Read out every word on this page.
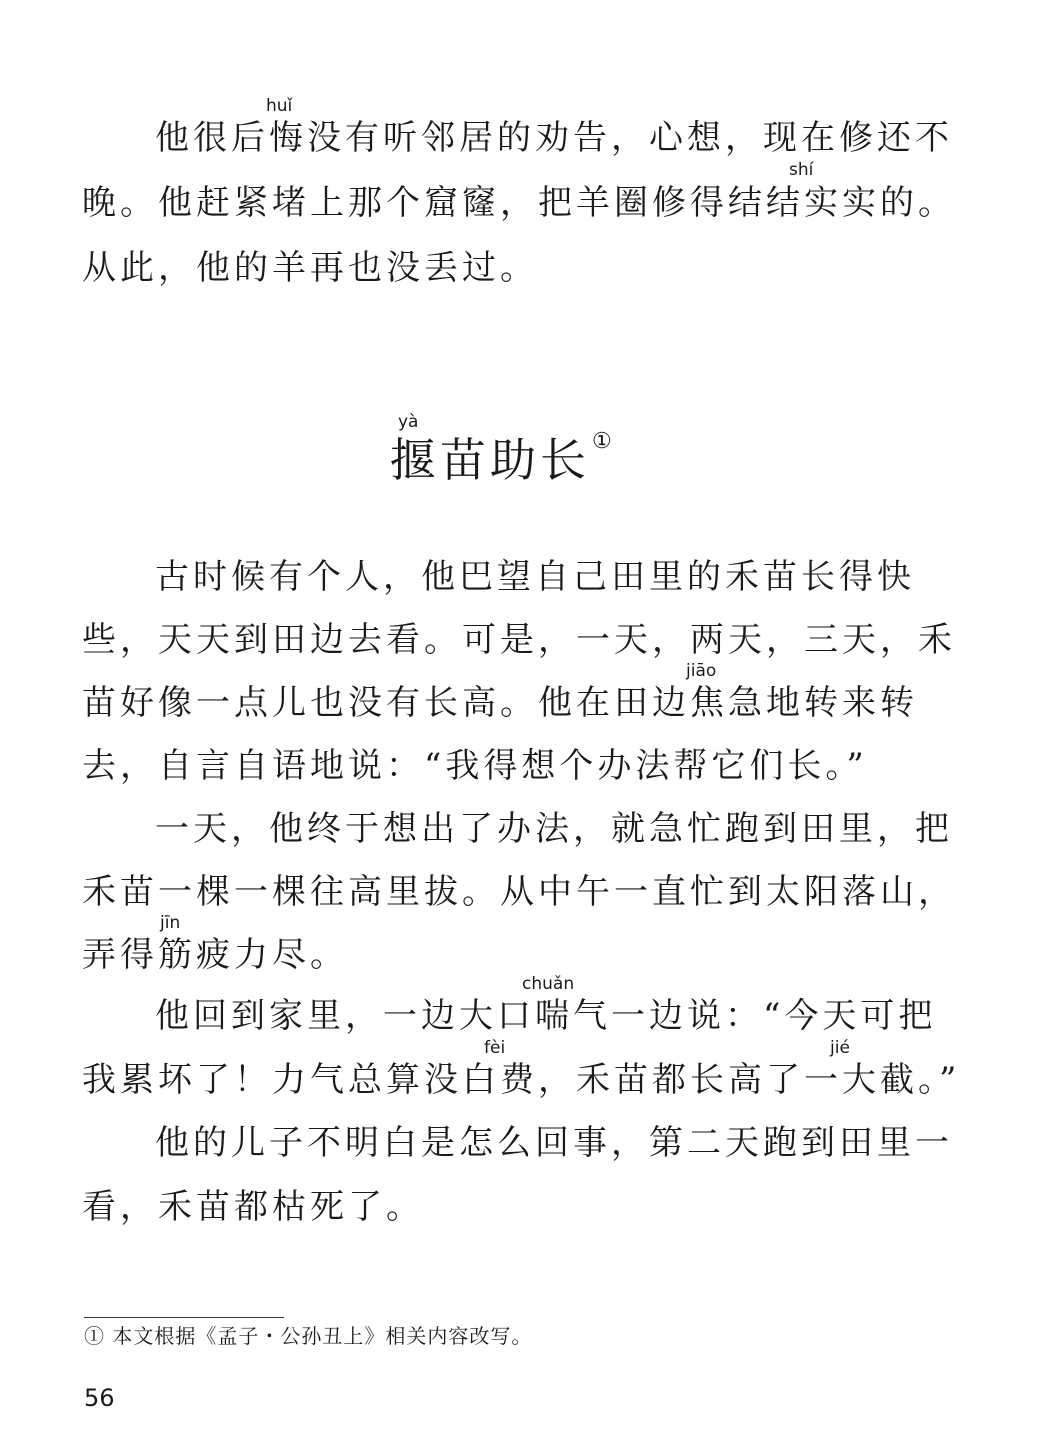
huǐ
他很后悔没有听邻居的劝告，心想，现在修还不
shí
晚。他赶紧堵上那个窟窿，把羊圈修得结结实实的。
从此，他的羊再也没丢过。
yà
揠苗助长①
古时候有个人，他巴望自己田里的禾苗长得快
些，天天到田边去看。可是，一天，两天，三天，禾
jiāo
苗好像一点儿也没有长高。他在田边焦急地转来转
去，自言自语地说：“我得想个办法帮它们长。”
一天，他终于想出了办法，就急忙跑到田里，把
禾苗一棵一棵往高里拔。从中午一直忙到太阳落山，
jīn
弄得筋疲力尽。
chuǎn
他回到家里，一边大口喘气一边说：“今天可把
fèi	jié
我累坏了！力气总算没白费，禾苗都长高了一大截。”
他的儿子不明白是怎么回事，第二天跑到田里一
看，禾苗都枯死了。
① 本文根据《孟子・公孙丑上》相关内容改写。
56
